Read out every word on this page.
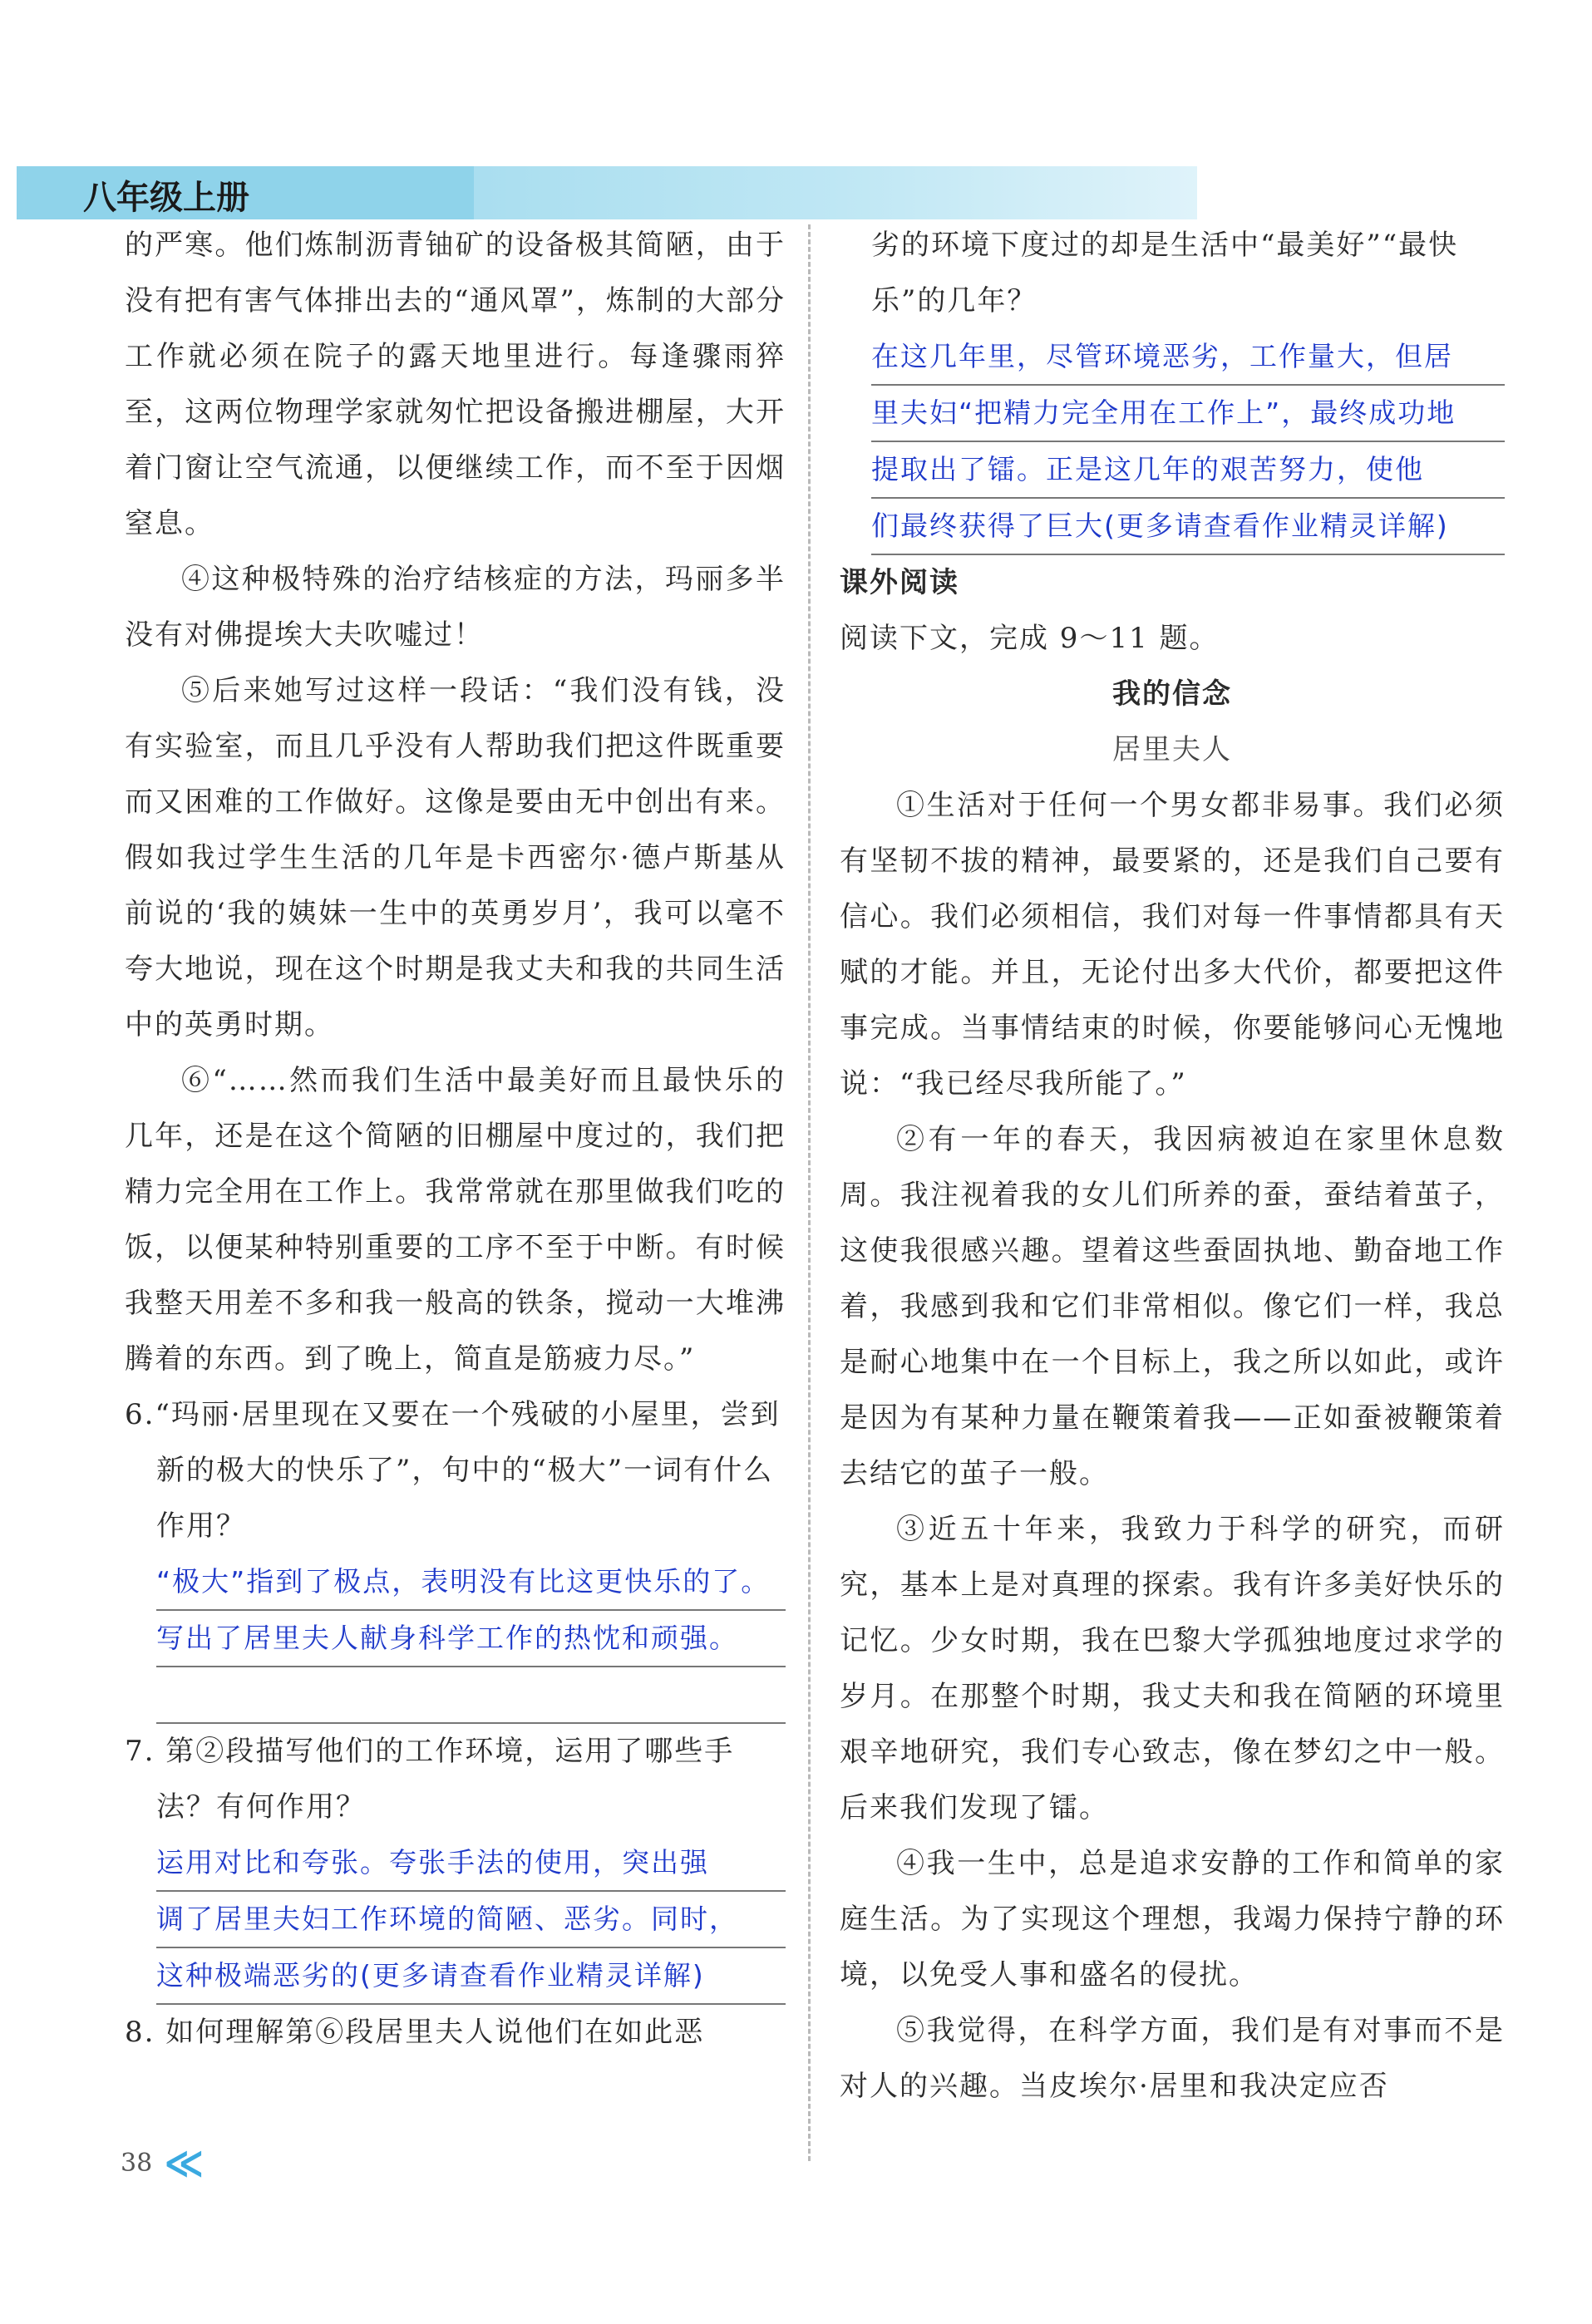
八年级上册

的严寒。他们炼制沥青铀矿的设备极其简陋，由于没有把有害气体排出去的“通风罩”，炼制的大部分工作就必须在院子的露天地里进行。每逢骤雨猝至，这两位物理学家就匆忙把设备搬进棚屋，大开着门窗让空气流通，以便继续工作，而不至于因烟窒息。

④这种极特殊的治疗结核症的方法，玛丽多半没有对佛提埃大夫吹嘘过！

⑤后来她写过这样一段话：“我们没有钱，没有实验室，而且几乎没有人帮助我们把这件既重要而又困难的工作做好。这像是要由无中创出有来。假如我过学生生活的几年是卡西密尔·德卢斯基从前说的‘我的姨妹一生中的英勇岁月’，我可以毫不夸大地说，现在这个时期是我丈夫和我的共同生活中的英勇时期。

⑥“……然而我们生活中最美好而且最快乐的几年，还是在这个简陋的旧棚屋中度过的，我们把精力完全用在工作上。我常常就在那里做我们吃的饭，以便某种特别重要的工序不至于中断。有时候我整天用差不多和我一般高的铁条，搅动一大堆沸腾着的东西。到了晚上，简直是筋疲力尽。”

6.“玛丽·居里现在又要在一个残破的小屋里，尝到新的极大的快乐了”，句中的“极大”一词有什么作用？

“极大”指到了极点，表明没有比这更快乐的了。
写出了居里夫人献身科学工作的热忱和顽强。

7. 第②段描写他们的工作环境，运用了哪些手法？有何作用？

运用对比和夸张。夸张手法的使用，突出强
调了居里夫妇工作环境的简陋、恶劣。同时，
这种极端恶劣的(更多请查看作业精灵详解)

8. 如何理解第⑥段居里夫人说他们在如此恶

劣的环境下度过的却是生活中“最美好”“最快乐”的几年？

在这几年里，尽管环境恶劣，工作量大，但居
里夫妇“把精力完全用在工作上”，最终成功地
提取出了镭。正是这几年的艰苦努力，使他
们最终获得了巨大(更多请查看作业精灵详解)

课外阅读

阅读下文，完成 9～11 题。

我的信念

居里夫人

①生活对于任何一个男女都非易事。我们必须有坚韧不拔的精神，最要紧的，还是我们自己要有信心。我们必须相信，我们对每一件事情都具有天赋的才能。并且，无论付出多大代价，都要把这件事完成。当事情结束的时候，你要能够问心无愧地说：“我已经尽我所能了。”

②有一年的春天，我因病被迫在家里休息数周。我注视着我的女儿们所养的蚕，蚕结着茧子，这使我很感兴趣。望着这些蚕固执地、勤奋地工作着，我感到我和它们非常相似。像它们一样，我总是耐心地集中在一个目标上，我之所以如此，或许是因为有某种力量在鞭策着我——正如蚕被鞭策着去结它的茧子一般。

③近五十年来，我致力于科学的研究，而研究，基本上是对真理的探索。我有许多美好快乐的记忆。少女时期，我在巴黎大学孤独地度过求学的岁月。在那整个时期，我丈夫和我在简陋的环境里艰辛地研究，我们专心致志，像在梦幻之中一般。后来我们发现了镭。

④我一生中，总是追求安静的工作和简单的家庭生活。为了实现这个理想，我竭力保持宁静的环境，以免受人事和盛名的侵扰。

⑤我觉得，在科学方面，我们是有对事而不是对人的兴趣。当皮埃尔·居里和我决定应否

38 ≪
